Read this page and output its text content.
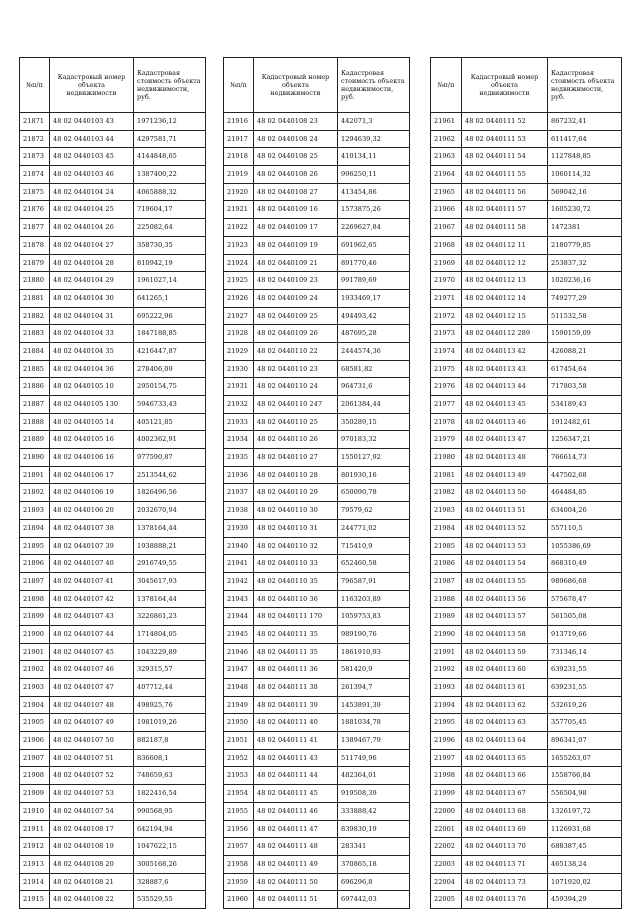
№п/п	Кадастровый номер объекта недвижимости	Кадастровая стоимость объекта недвижимости, руб.
21871	48 02 0440103 43	1971236,12
21872	48 02 0440103 44	4297581,71
21873	48 02 0440103 45	4144848,65
21874	48 02 0440103 46	1387400,22
21875	48 02 0440104 24	4065888,32
21876	48 02 0440104 25	719604,17
21877	48 02 0440104 26	225082,64
21878	48 02 0440104 27	358730,35
21879	48 02 0440104 28	810942,19
21880	48 02 0440104 29	1961027,14
21881	48 02 0440104 30	641265,1
21882	48 02 0440104 31	695222,96
21883	48 02 0440104 33	1847188,85
21884	48 02 0440104 35	4216447,87
21885	48 02 0440104 36	278406,09
21886	48 02 0440105 10	2950154,75
21887	48 02 0440105 130	5946733,43
21888	48 02 0440105 14	405121,85
21889	48 02 0440105 16	4002362,91
21890	48 02 0440106 16	977590,87
21891	48 02 0440106 17	2513544,62
21892	48 02 0440106 19	1826496,56
21893	48 02 0440106 20	2032670,94
21894	48 02 0440107 38	1378164,44
21895	48 02 0440107 39	1938888,21
21896	48 02 0440107 40	2916749,55
21897	48 02 0440107 41	3045617,93
21898	48 02 0440107 42	1378164,44
21899	48 02 0440107 43	3226861,23
21900	48 02 0440107 44	1714804,05
21901	48 02 0440107 45	1043229,89
21902	48 02 0440107 46	329315,57
21903	48 02 0440107 47	407712,44
21904	48 02 0440107 48	498925,76
21905	48 02 0440107 49	1981019,26
21906	48 02 0440107 50	882187,8
21907	48 02 0440107 51	836608,1
21908	48 02 0440107 52	748659,63
21909	48 02 0440107 53	1822416,54
21910	48 02 0440107 54	990568,95
21911	48 02 0440108 17	642194,94
21912	48 02 0440108 19	1047622,15
21913	48 02 0440108 20	3005168,26
21914	48 02 0440108 21	328887,6
21915	48 02 0440108 22	535529,55
№п/п	Кадастровый номер объекта недвижимости	Кадастровая стоимость объекта недвижимости, руб.
21916	48 02 0440108 23	442071,3
21917	48 02 0440108 24	1294639,32
21918	48 02 0440108 25	410134,11
21919	48 02 0440108 26	996250,11
21920	48 02 0440108 27	413454,86
21921	48 02 0440109 16	1573875,26
21922	48 02 0440109 17	2269627,84
21923	48 02 0440109 19	691962,65
21924	48 02 0440109 21	891770,46
21925	48 02 0440109 23	991789,69
21926	48 02 0440109 24	1933469,17
21927	48 02 0440109 25	494493,42
21928	48 02 0440109 26	487695,28
21929	48 02 0440110 22	2444574,36
21930	48 02 0440110 23	68581,82
21931	48 02 0440110 24	964731,6
21932	48 02 0440110 247	2061384,44
21933	48 02 0440110 25	350289,15
21934	48 02 0440110 26	970183,32
21935	48 02 0440110 27	1550127,92
21936	48 02 0440110 28	801930,16
21937	48 02 0440110 29	650090,78
21938	48 02 0440110 30	79579,62
21939	48 02 0440110 31	244771,02
21940	48 02 0440110 32	715410,9
21941	48 02 0440110 33	652460,58
21942	48 02 0440110 35	796587,91
21943	48 02 0440110 36	1163203,89
21944	48 02 0440111 170	1059753,83
21945	48 02 0440111 35	989190,76
21946	48 02 0440111 35	1861910,93
21947	48 02 0440111 36	581420,9
21948	48 02 0440111 38	261394,7
21949	48 02 0440111 39	1453891,39
21950	48 02 0440111 40	1881034,78
21951	48 02 0440111 41	1389467,79
21952	48 02 0440111 43	511749,96
21953	48 02 0440111 44	482364,01
21954	48 02 0440111 45	919508,39
21955	48 02 0440111 46	333888,42
21956	48 02 0440111 47	839830,19
21957	48 02 0440111 48	283341
21958	48 02 0440111 49	370865,18
21959	48 02 0440111 50	696296,8
21960	48 02 0440111 51	697442,03
№п/п	Кадастровый номер объекта недвижимости	Кадастровая стоимость объекта недвижимости, руб.
21961	48 02 0440111 52	867232,41
21962	48 02 0440111 53	611417,64
21963	48 02 0440111 54	1127848,85
21964	48 02 0440111 55	1060114,32
21965	48 02 0440111 56	569042,16
21966	48 02 0440111 57	1605230,72
21967	48 02 0440111 58	1472381
21968	48 02 0440112 11	2180779,85
21969	48 02 0440112 12	253837,32
21970	48 02 0440112 13	1020236,16
21971	48 02 0440112 14	749277,29
21972	48 02 0440112 15	511532,58
21973	48 02 0440112 289	1590159,09
21974	48 02 0440113 42	426088,21
21975	48 02 0440113 43	617454,64
21976	48 02 0440113 44	717803,58
21977	48 02 0440113 45	534189,43
21978	48 02 0440113 46	1912482,61
21979	48 02 0440113 47	1256347,21
21980	48 02 0440113 48	766614,73
21981	48 02 0440113 49	447502,68
21982	48 02 0440113 50	464484,85
21983	48 02 0440113 51	634004,26
21984	48 02 0440113 52	557110,5
21985	48 02 0440113 53	1055386,69
21986	48 02 0440113 54	868310,49
21987	48 02 0440113 55	989686,68
21988	48 02 0440113 56	575678,47
21989	48 02 0440113 57	561505,08
21990	48 02 0440113 58	913719,66
21991	48 02 0440113 59	731346,14
21992	48 02 0440113 60	639231,55
21993	48 02 0440113 61	639231,55
21994	48 02 0440113 62	532619,26
21995	48 02 0440113 63	357705,45
21996	48 02 0440113 64	896341,07
21997	48 02 0440113 65	1655263,07
21998	48 02 0440113 66	1558766,84
21999	48 02 0440113 67	556504,98
22000	48 02 0440113 68	1326197,72
22001	48 02 0440113 69	1126931,68
22002	48 02 0440113 70	688387,45
22003	48 02 0440113 71	465138,24
22004	48 02 0440113 73	1071920,02
22005	48 02 0440113 76	459394,29
